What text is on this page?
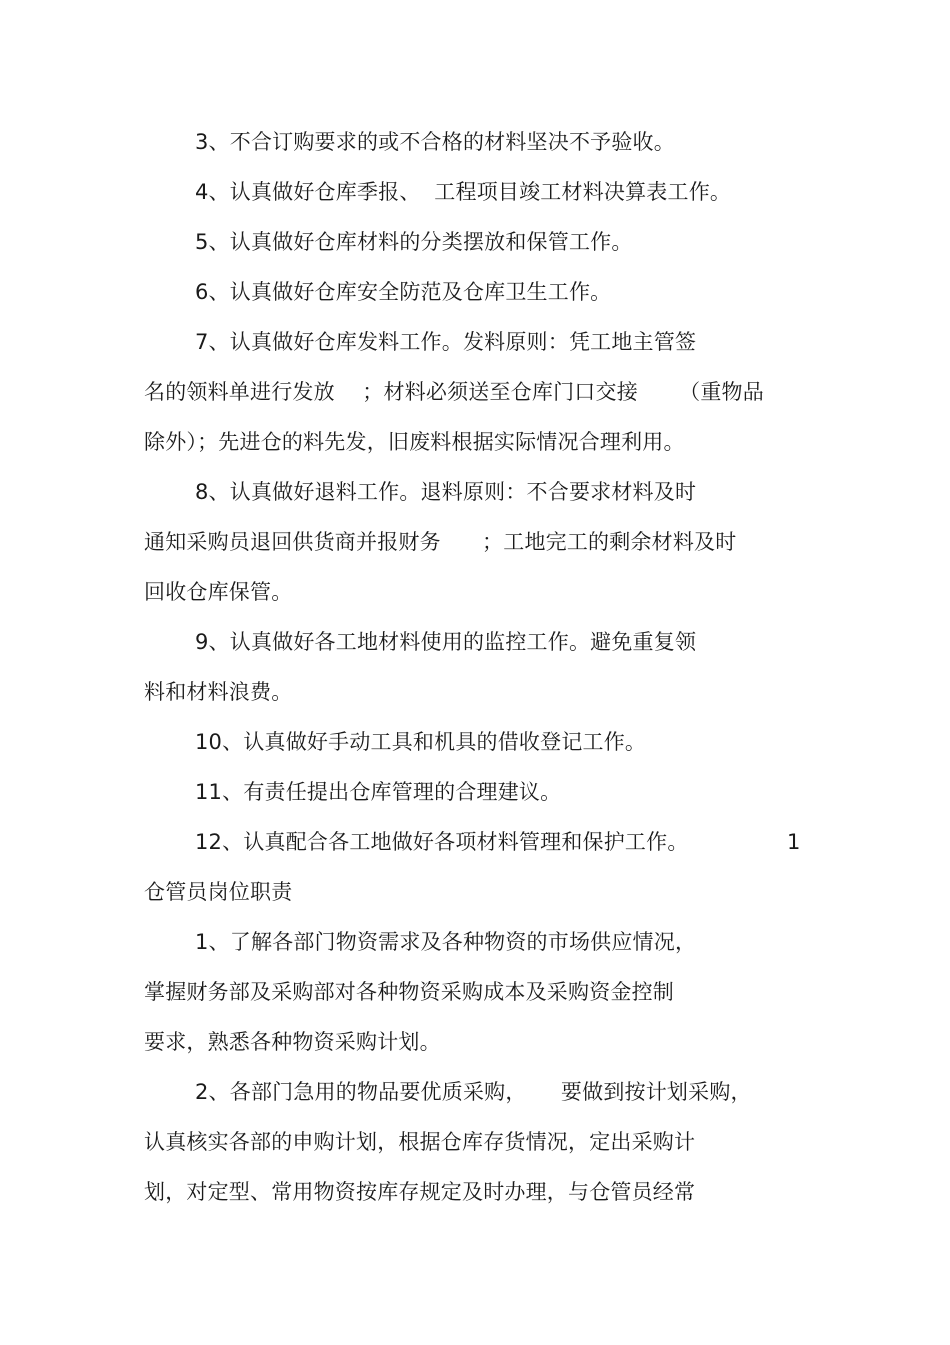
3、不合订购要求的或不合格的材料坚决不予验收。
4、认真做好仓库季报、  工程项目竣工材料决算表工作。
5、认真做好仓库材料的分类摆放和保管工作。
6、认真做好仓库安全防范及仓库卫生工作。
7、认真做好仓库发料工作。发料原则：凭工地主管签
名的领料单进行发放    ；材料必须送至仓库门口交接      （重物品
除外）；先进仓的料先发，旧废料根据实际情况合理利用。
8、认真做好退料工作。退料原则：不合要求材料及时
通知采购员退回供货商并报财务      ；工地完工的剩余材料及时
回收仓库保管。
9、认真做好各工地材料使用的监控工作。避免重复领
料和材料浪费。
10、认真做好手动工具和机具的借收登记工作。
11、有责任提出仓库管理的合理建议。
12、认真配合各工地做好各项材料管理和保护工作。	1
仓管员岗位职责
1、了解各部门物资需求及各种物资的市场供应情况，
掌握财务部及采购部对各种物资采购成本及采购资金控制
要求，熟悉各种物资采购计划。
2、各部门急用的物品要优质采购，     要做到按计划采购，
认真核实各部的申购计划，根据仓库存货情况，定出采购计
划，对定型、常用物资按库存规定及时办理，与仓管员经常
